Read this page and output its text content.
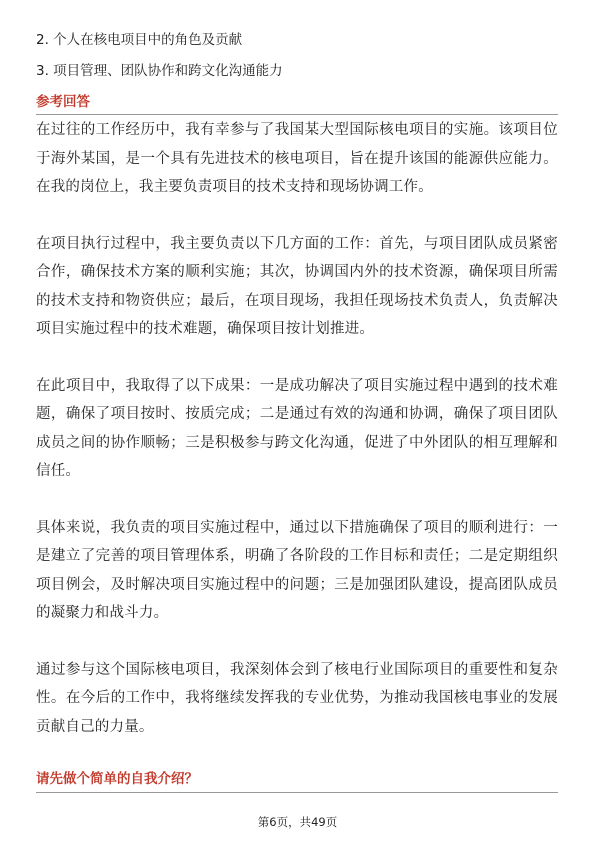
2. 个人在核电项目中的角色及贡献
3. 项目管理、团队协作和跨文化沟通能力
参考回答

在过往的工作经历中，我有幸参与了我国某大型国际核电项目的实施。该项目位于海外某国，是一个具有先进技术的核电项目，旨在提升该国的能源供应能力。在我的岗位上，我主要负责项目的技术支持和现场协调工作。

在项目执行过程中，我主要负责以下几方面的工作：首先，与项目团队成员紧密合作，确保技术方案的顺利实施；其次，协调国内外的技术资源，确保项目所需的技术支持和物资供应；最后，在项目现场，我担任现场技术负责人，负责解决项目实施过程中的技术难题，确保项目按计划推进。

在此项目中，我取得了以下成果：一是成功解决了项目实施过程中遇到的技术难题，确保了项目按时、按质完成；二是通过有效的沟通和协调，确保了项目团队成员之间的协作顺畅；三是积极参与跨文化沟通，促进了中外团队的相互理解和信任。

具体来说，我负责的项目实施过程中，通过以下措施确保了项目的顺利进行：一是建立了完善的项目管理体系，明确了各阶段的工作目标和责任；二是定期组织项目例会，及时解决项目实施过程中的问题；三是加强团队建设，提高团队成员的凝聚力和战斗力。

通过参与这个国际核电项目，我深刻体会到了核电行业国际项目的重要性和复杂性。在今后的工作中，我将继续发挥我的专业优势，为推动我国核电事业的发展贡献自己的力量。

请先做个简单的自我介绍？
第6页，共49页
